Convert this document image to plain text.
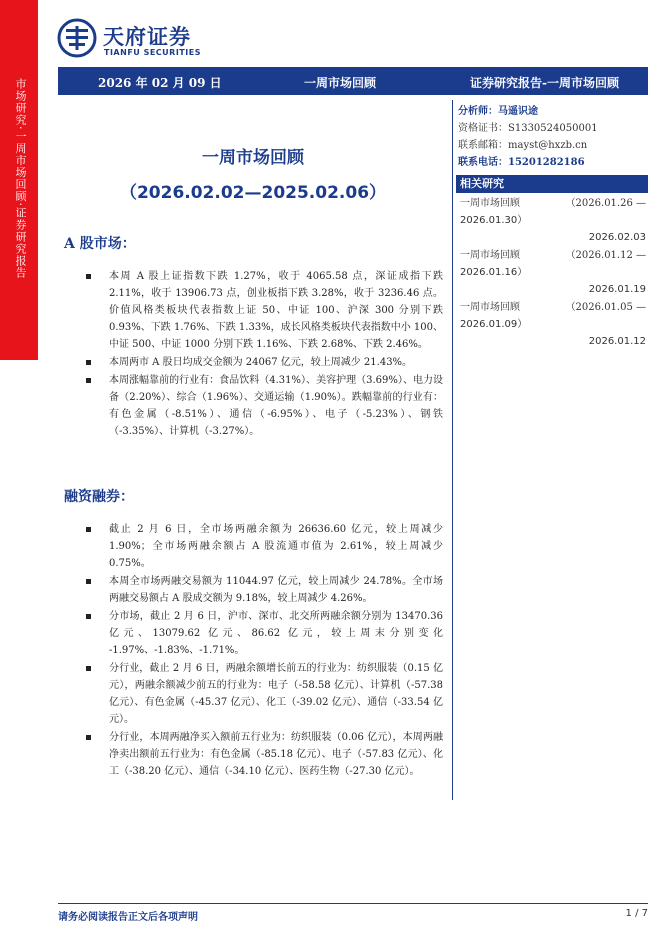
市场研究·一周市场回顾·证券研究报告
天府证券
TIANFU SECURITIES
2026 年 02 月 09 日	一周市场回顾	证券研究报告-一周市场回顾
一周市场回顾
（2026.02.02—2025.02.06）
A 股市场：
本周 A 股上证指数下跌 1.27%，收于 4065.58 点，深证成指下跌 2.11%，收于 13906.73 点，创业板指下跌 3.28%，收于 3236.46 点。价值风格类板块代表指数上证 50、中证 100、沪深 300 分别下跌 0.93%、下跌 1.76%、下跌 1.33%，成长风格类板块代表指数中小 100、中证 500、中证 1000 分别下跌 1.16%、下跌 2.68%、下跌 2.46%。
本周两市 A 股日均成交金额为 24067 亿元，较上周减少 21.43%。
本周涨幅靠前的行业有：食品饮料（4.31%）、美容护理（3.69%）、电力设备（2.20%）、综合（1.96%）、交通运输（1.90%）。跌幅靠前的行业有：有色金属（-8.51%）、通信（-6.95%）、电子（-5.23%）、钢铁（-3.35%）、计算机（-3.27%）。
融资融券：
截止 2 月 6 日，全市场两融余额为 26636.60 亿元，较上周减少 1.90%；全市场两融余额占 A 股流通市值为 2.61%，较上周减少 0.75%。
本周全市场两融交易额为 11044.97 亿元，较上周减少 24.78%。全市场两融交易额占 A 股成交额为 9.18%，较上周减少 4.26%。
分市场，截止 2 月 6 日，沪市、深市、北交所两融余额分别为 13470.36 亿元、13079.62 亿元、86.62 亿元，较上周末分别变化 -1.97%、-1.83%、-1.71%。
分行业，截止 2 月 6 日，两融余额增长前五的行业为：纺织服装（0.15 亿元），两融余额减少前五的行业为：电子（-58.58 亿元）、计算机（-57.38 亿元）、有色金属（-45.37 亿元）、化工（-39.02 亿元）、通信（-33.54 亿元）。
分行业，本周两融净买入额前五行业为：纺织服装（0.06 亿元），本周两融净卖出额前五行业为：有色金属（-85.18 亿元）、电子（-57.83 亿元）、化工（-38.20 亿元）、通信（-34.10 亿元）、医药生物（-27.30 亿元）。
分析师：马遥识途
资格证书：S1330524050001
联系邮箱：mayst@hxzb.cn
联系电话：15201282186
相关研究
一周市场回顾	（2026.01.26 —
2026.01.30）
2026.02.03
一周市场回顾	（2026.01.12 —
2026.01.16）
2026.01.19
一周市场回顾	（2026.01.05 —
2026.01.09）
2026.01.12
请务必阅读报告正文后各项声明	1 / 7
